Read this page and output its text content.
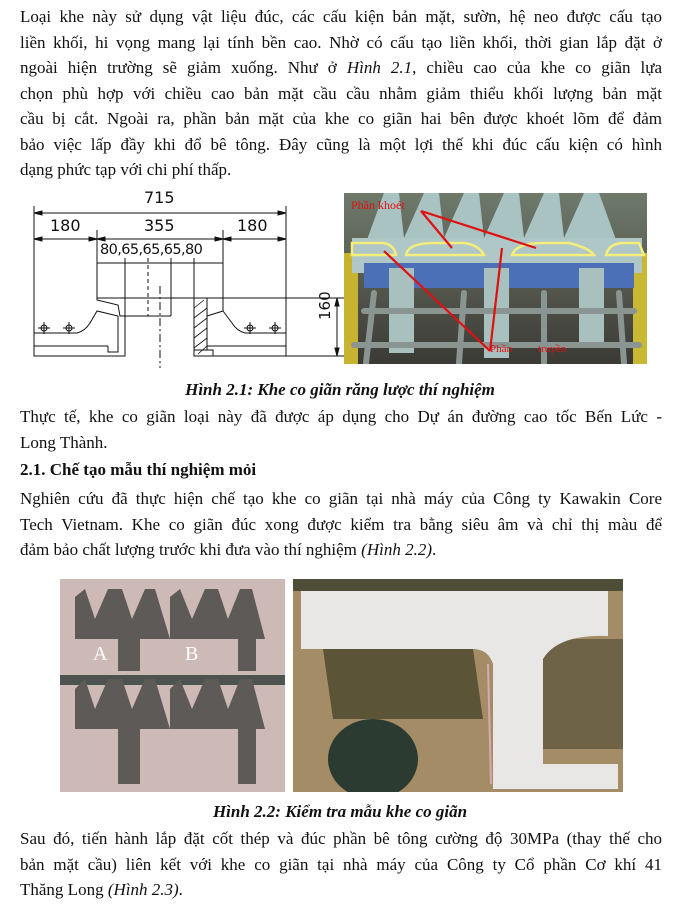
Loại khe này sử dụng vật liệu đúc, các cấu kiện bản mặt, sườn, hệ neo được cấu tạo
liền khối, hi vọng mang lại tính bền cao. Nhờ có cấu tạo liền khối, thời gian lắp đặt ở
ngoài hiện trường sẽ giảm xuống. Như ở Hình 2.1, chiều cao của khe co giãn lựa
chọn phù hợp với chiều cao bản mặt cầu cầu nhằm giảm thiểu khối lượng bản mặt
cầu bị cắt. Ngoài ra, phần bản mặt của khe co giãn hai bên được khoét lõm để đảm
bảo việc lấp đầy khi đổ bê tông. Đây cũng là một lợi thế khi đúc cấu kiện có hình
dạng phức tạp với chi phí thấp.
715
180	355	180
80,65,65,65,80
160
Phần khoét
Phần truyền
Hình 2.1: Khe co giãn răng lược thí nghiệm
Thực tế, khe co giãn loại này đã được áp dụng cho Dự án đường cao tốc Bến Lức -
Long Thành.
2.1. Chế tạo mẫu thí nghiệm mỏi
Nghiên cứu đã thực hiện chế tạo khe co giãn tại nhà máy của Công ty Kawakin Core
Tech Vietnam. Khe co giãn đúc xong được kiểm tra bằng siêu âm và chỉ thị màu để
đảm bảo chất lượng trước khi đưa vào thí nghiệm (Hình 2.2).
A	B
Hình 2.2: Kiểm tra mẫu khe co giãn
Sau đó, tiến hành lắp đặt cốt thép và đúc phần bê tông cường độ 30MPa (thay thế cho
bản mặt cầu) liên kết với khe co giãn tại nhà máy của Công ty Cổ phần Cơ khí 41
Thăng Long (Hình 2.3).
